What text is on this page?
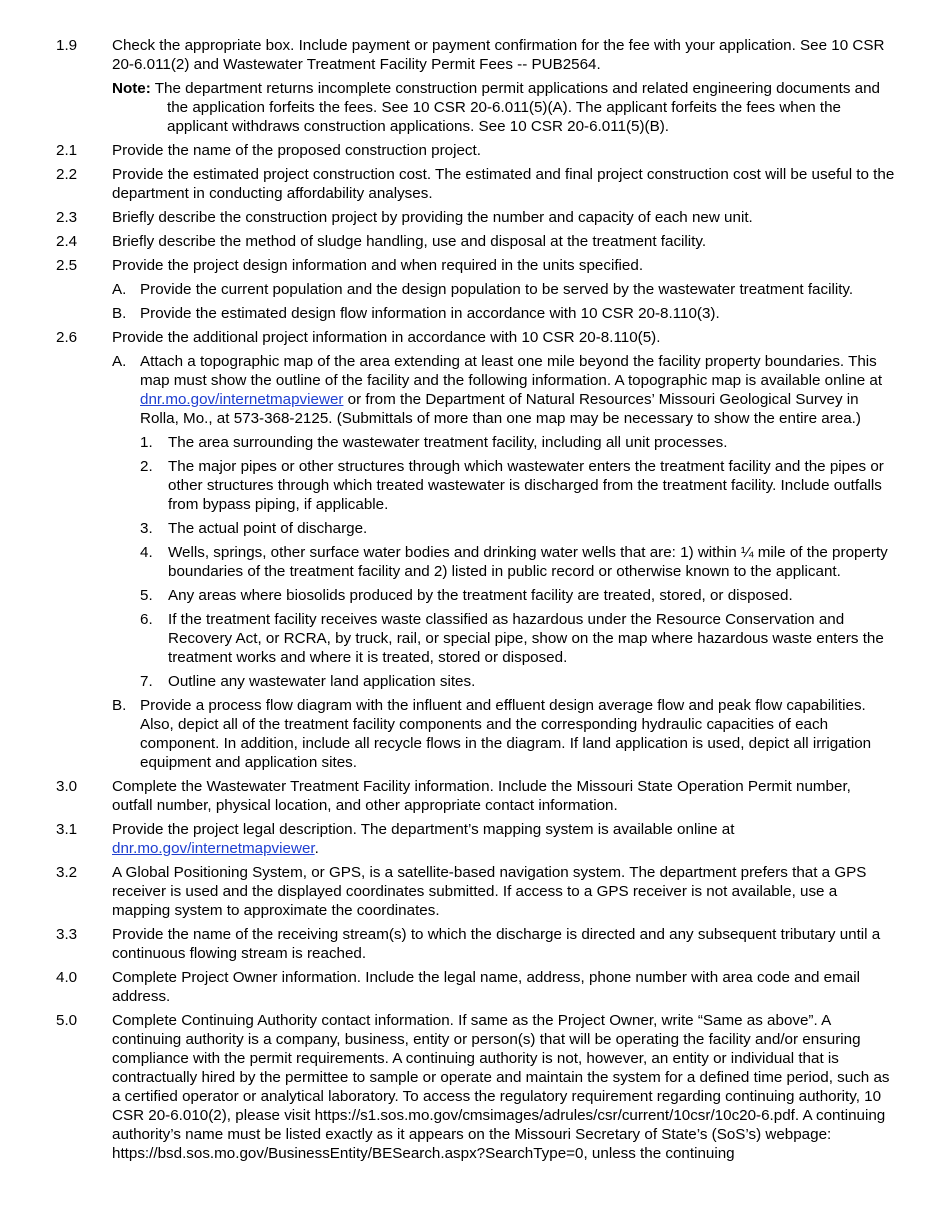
1.9 Check the appropriate box. Include payment or payment confirmation for the fee with your application. See 10 CSR 20-6.011(2) and Wastewater Treatment Facility Permit Fees -- PUB2564.
Note: The department returns incomplete construction permit applications and related engineering documents and the application forfeits the fees. See 10 CSR 20-6.011(5)(A). The applicant forfeits the fees when the applicant withdraws construction applications. See 10 CSR 20-6.011(5)(B).
2.1 Provide the name of the proposed construction project.
2.2 Provide the estimated project construction cost. The estimated and final project construction cost will be useful to the department in conducting affordability analyses.
2.3 Briefly describe the construction project by providing the number and capacity of each new unit.
2.4 Briefly describe the method of sludge handling, use and disposal at the treatment facility.
2.5 Provide the project design information and when required in the units specified.
A. Provide the current population and the design population to be served by the wastewater treatment facility.
B. Provide the estimated design flow information in accordance with 10 CSR 20-8.110(3).
2.6 Provide the additional project information in accordance with 10 CSR 20-8.110(5).
A. Attach a topographic map of the area extending at least one mile beyond the facility property boundaries. This map must show the outline of the facility and the following information. A topographic map is available online at dnr.mo.gov/internetmapviewer or from the Department of Natural Resources’ Missouri Geological Survey in Rolla, Mo., at 573-368-2125. (Submittals of more than one map may be necessary to show the entire area.)
1. The area surrounding the wastewater treatment facility, including all unit processes.
2. The major pipes or other structures through which wastewater enters the treatment facility and the pipes or other structures through which treated wastewater is discharged from the treatment facility. Include outfalls from bypass piping, if applicable.
3. The actual point of discharge.
4. Wells, springs, other surface water bodies and drinking water wells that are: 1) within ¼ mile of the property boundaries of the treatment facility and 2) listed in public record or otherwise known to the applicant.
5. Any areas where biosolids produced by the treatment facility are treated, stored, or disposed.
6. If the treatment facility receives waste classified as hazardous under the Resource Conservation and Recovery Act, or RCRA, by truck, rail, or special pipe, show on the map where hazardous waste enters the treatment works and where it is treated, stored or disposed.
7. Outline any wastewater land application sites.
B. Provide a process flow diagram with the influent and effluent design average flow and peak flow capabilities. Also, depict all of the treatment facility components and the corresponding hydraulic capacities of each component. In addition, include all recycle flows in the diagram. If land application is used, depict all irrigation equipment and application sites.
3.0 Complete the Wastewater Treatment Facility information. Include the Missouri State Operation Permit number, outfall number, physical location, and other appropriate contact information.
3.1 Provide the project legal description. The department’s mapping system is available online at dnr.mo.gov/internetmapviewer.
3.2 A Global Positioning System, or GPS, is a satellite-based navigation system. The department prefers that a GPS receiver is used and the displayed coordinates submitted. If access to a GPS receiver is not available, use a mapping system to approximate the coordinates.
3.3 Provide the name of the receiving stream(s) to which the discharge is directed and any subsequent tributary until a continuous flowing stream is reached.
4.0 Complete Project Owner information. Include the legal name, address, phone number with area code and email address.
5.0 Complete Continuing Authority contact information. If same as the Project Owner, write “Same as above”. A continuing authority is a company, business, entity or person(s) that will be operating the facility and/or ensuring compliance with the permit requirements. A continuing authority is not, however, an entity or individual that is contractually hired by the permittee to sample or operate and maintain the system for a defined time period, such as a certified operator or analytical laboratory. To access the regulatory requirement regarding continuing authority, 10 CSR 20-6.010(2), please visit https://s1.sos.mo.gov/cmsimages/adrules/csr/current/10csr/10c20-6.pdf. A continuing authority’s name must be listed exactly as it appears on the Missouri Secretary of State’s (SoS’s) webpage: https://bsd.sos.mo.gov/BusinessEntity/BESearch.aspx?SearchType=0, unless the continuing
